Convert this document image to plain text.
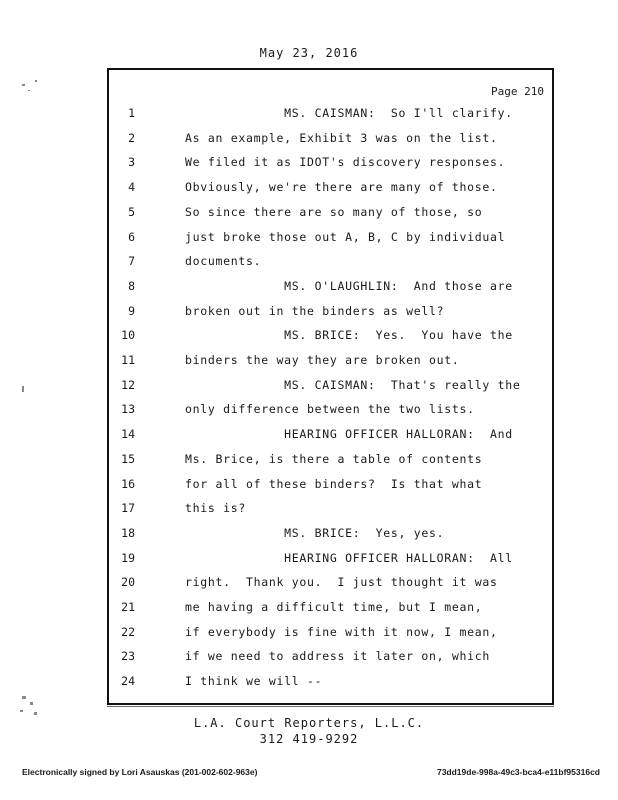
May 23, 2016
Page 210
1	MS. CAISMAN:  So I'll clarify.
2	As an example, Exhibit 3 was on the list.
3	We filed it as IDOT's discovery responses.
4	Obviously, we're there are many of those.
5	So since there are so many of those, so
6	just broke those out A, B, C by individual
7	documents.
8	MS. O'LAUGHLIN:  And those are
9	broken out in the binders as well?
10	MS. BRICE:  Yes.  You have the
11	binders the way they are broken out.
12	MS. CAISMAN:  That's really the
13	only difference between the two lists.
14	HEARING OFFICER HALLORAN:  And
15	Ms. Brice, is there a table of contents
16	for all of these binders?  Is that what
17	this is?
18	MS. BRICE:  Yes, yes.
19	HEARING OFFICER HALLORAN:  All
20	right.  Thank you.  I just thought it was
21	me having a difficult time, but I mean,
22	if everybody is fine with it now, I mean,
23	if we need to address it later on, which
24	I think we will --
L.A. Court Reporters, L.L.C.
312 419-9292
Electronically signed by Lori Asauskas (201-002-602-963e)	73dd19de-998a-49c3-bca4-e11bf95316cd
